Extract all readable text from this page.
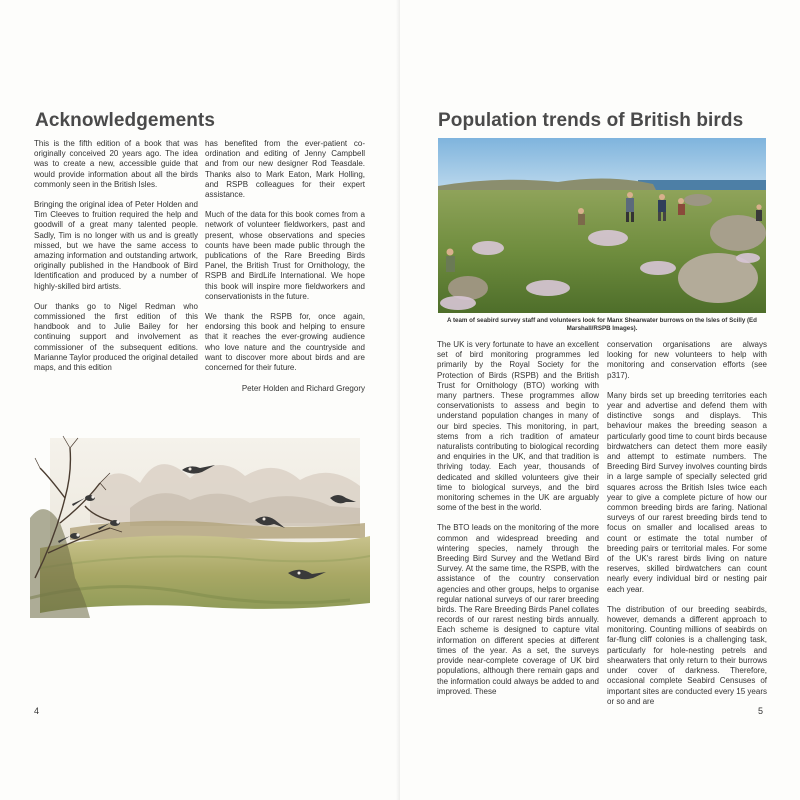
Acknowledgements

This is the fifth edition of a book that was originally conceived 20 years ago. The idea was to create a new, accessible guide that would provide information about all the birds commonly seen in the British Isles.

Bringing the original idea of Peter Holden and Tim Cleeves to fruition required the help and goodwill of a great many talented people. Sadly, Tim is no longer with us and is greatly missed, but we have the same access to amazing information and outstanding artwork, originally published in the Handbook of Bird Identification and produced by a number of highly-skilled bird artists.

Our thanks go to Nigel Redman who commissioned the first edition of this handbook and to Julie Bailey for her continuing support and involvement as commissioner of the subsequent editions. Marianne Taylor produced the original detailed maps, and this edition

has benefited from the ever-patient co-ordination and editing of Jenny Campbell and from our new designer Rod Teasdale. Thanks also to Mark Eaton, Mark Holling, and RSPB colleagues for their expert assistance.

Much of the data for this book comes from a network of volunteer fieldworkers, past and present, whose observations and species counts have been made public through the publications of the Rare Breeding Birds Panel, the British Trust for Ornithology, the RSPB and BirdLife International. We hope this book will inspire more fieldworkers and conservationists in the future.

We thank the RSPB for, once again, endorsing this book and helping to ensure that it reaches the ever-growing audience who love nature and the countryside and want to discover more about birds and are concerned for their future.

Peter Holden and Richard Gregory
4
Population trends of British birds
A team of seabird survey staff and volunteers look for Manx Shearwater burrows on the Isles of Scilly (Ed Marshall/RSPB Images).

The UK is very fortunate to have an excellent set of bird monitoring programmes led primarily by the Royal Society for the Protection of Birds (RSPB) and the British Trust for Ornithology (BTO) working with many partners. These programmes allow conservationists to assess and begin to understand population changes in many of our bird species. This monitoring, in part, stems from a rich tradition of amateur naturalists contributing to biological recording and enquiries in the UK, and that tradition is thriving today. Each year, thousands of dedicated and skilled volunteers give their time to biological surveys, and the bird monitoring schemes in the UK are arguably some of the best in the world.

The BTO leads on the monitoring of the more common and widespread breeding and wintering species, namely through the Breeding Bird Survey and the Wetland Bird Survey. At the same time, the RSPB, with the assistance of the country conservation agencies and other groups, helps to organise regular national surveys of our rarer breeding birds. The Rare Breeding Birds Panel collates records of our rarest nesting birds annually. Each scheme is designed to capture vital information on different species at different times of the year. As a set, the surveys provide near-complete coverage of UK bird populations, although there remain gaps and the information could always be added to and improved. These

conservation organisations are always looking for new volunteers to help with monitoring and conservation efforts (see p317).

Many birds set up breeding territories each year and advertise and defend them with distinctive songs and displays. This behaviour makes the breeding season a particularly good time to count birds because birdwatchers can detect them more easily and attempt to estimate numbers. The Breeding Bird Survey involves counting birds in a large sample of specially selected grid squares across the British Isles twice each year to give a complete picture of how our common breeding birds are faring. National surveys of our rarest breeding birds tend to focus on smaller and localised areas to count or estimate the total number of breeding pairs or territorial males. For some of the UK's rarest birds living on nature reserves, skilled birdwatchers can count nearly every individual bird or nesting pair each year.

The distribution of our breeding seabirds, however, demands a different approach to monitoring. Counting millions of seabirds on far-flung cliff colonies is a challenging task, particularly for hole-nesting petrels and shearwaters that only return to their burrows under cover of darkness. Therefore, occasional complete Seabird Censuses of important sites are conducted every 15 years or so and are

5
